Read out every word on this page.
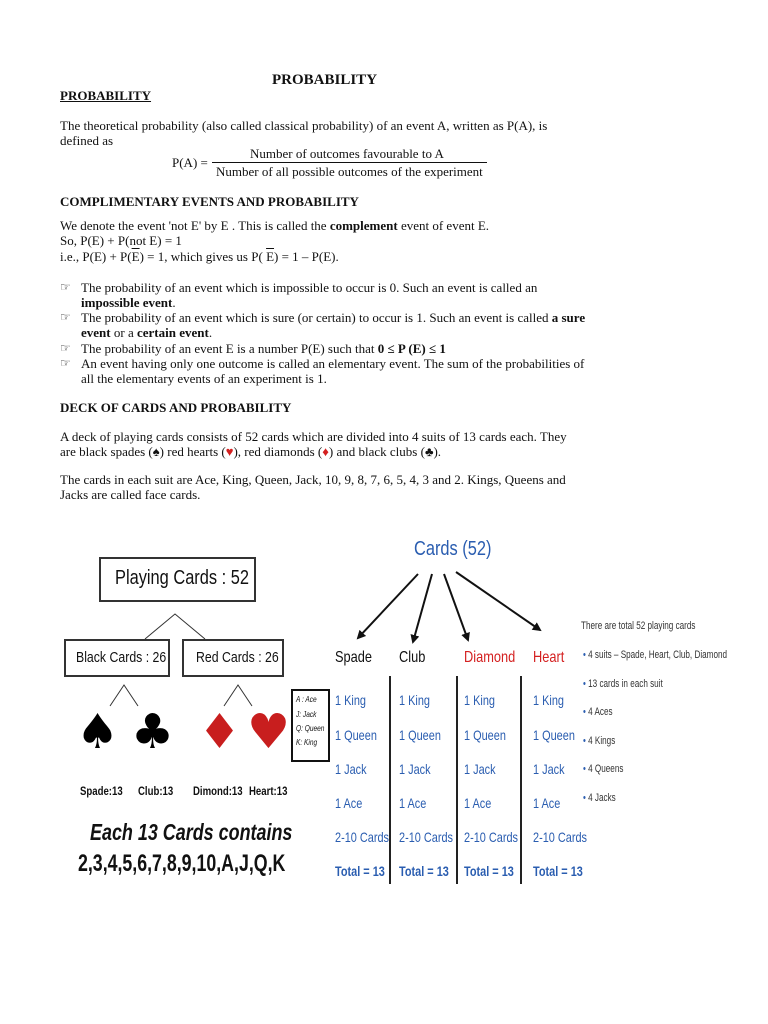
PROBABILITY
PROBABILITY
The theoretical probability (also called classical probability) of an event A, written as P(A), is
defined as
P(A) =
Number of outcomes favourable to A
Number of all possible outcomes of the experiment
COMPLIMENTARY EVENTS AND PROBABILITY
We denote the event 'not E' by E . This is called the complement event of event E.
So, P(E) + P(not E) = 1
i.e., $P(E) + P(\overline{E}) = 1$, which gives us P( $\overline{E}) = 1 - P(E)$.
☞ The probability of an event which is impossible to occur is 0. Such an event is called an
impossible event.
☞ The probability of an event which is sure (or certain) to occur is 1. Such an event is called a sure
event or a certain event.
☞ The probability of an event E is a number P(E) such that 0 ≤ P (E) ≤ 1
☞ An event having only one outcome is called an elementary event. The sum of the probabilities of
all the elementary events of an experiment is 1.
DECK OF CARDS AND PROBABILITY
A deck of playing cards consists of 52 cards which are divided into 4 suits of 13 cards each. They
are black spades (♠) red hearts (♥), red diamonds (♦) and black clubs (♣).
The cards in each suit are Ace, King, Queen, Jack, 10, 9, 8, 7, 6, 5, 4, 3 and 2. Kings, Queens and
Jacks are called face cards.
Playing Cards : 52
Black Cards : 26 Red Cards : 26
♠ ♣ ♦ ♥
Spade:13 Club:13 Dimond:13 Heart:13
Each 13 Cards contains
2,3,4,5,6,7,8,9,10,A,J,Q,K
Cards (52)
A : Ace
J: Jack
Q: Queen
K: King
Spade
1 King
1 Queen
1 Jack
1 Ace
2-10 Cards
Total = 13
Club
1 King
1 Queen
1 Jack
1 Ace
2-10 Cards
Total = 13
Diamond
1 King
1 Queen
1 Jack
1 Ace
2-10 Cards
Total = 13
Heart
1 King
1 Queen
1 Jack
1 Ace
2-10 Cards
Total = 13
There are total 52 playing cards
• 4 suits – Spade, Heart, Club, Diamond
• 13 cards in each suit
• 4 Aces
• 4 Kings
• 4 Queens
• 4 Jacks
